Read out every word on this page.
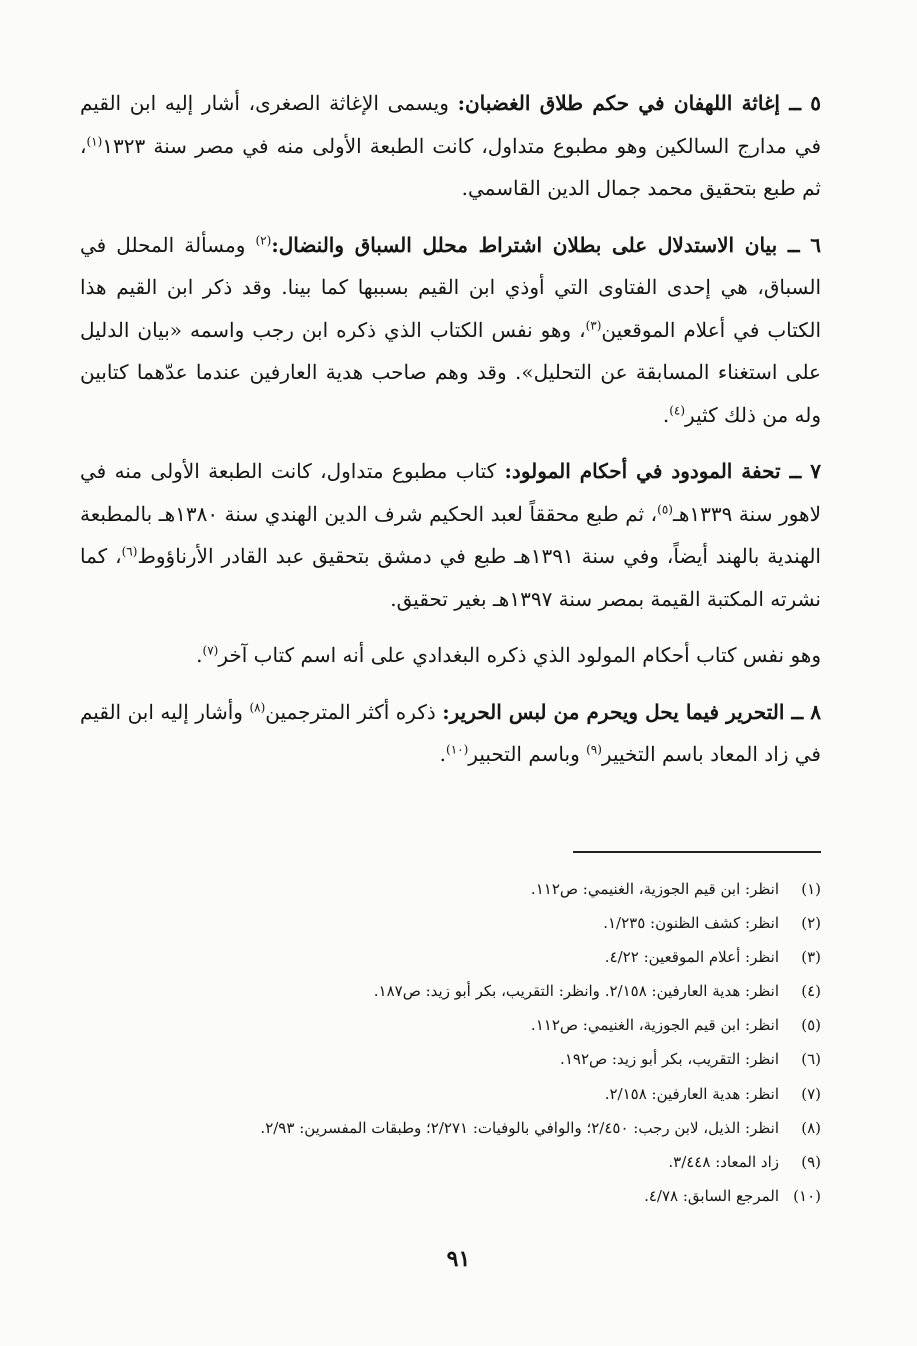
٥ ــ إغاثة اللهفان في حكم طلاق الغضبان: ويسمى الإغاثة الصغرى، أشار إليه ابن القيم في مدارج السالكين وهو مطبوع متداول، كانت الطبعة الأولى منه في مصر سنة ١٣٢٣$^{(١)}$، ثم طبع بتحقيق محمد جمال الدين القاسمي.

٦ ــ بيان الاستدلال على بطلان اشتراط محلل السباق والنضال:$^{(٢)}$ ومسألة المحلل في السباق، هي إحدى الفتاوى التي أوذي ابن القيم بسببها كما بينا. وقد ذكر ابن القيم هذا الكتاب في أعلام الموقعين$^{(٣)}$، وهو نفس الكتاب الذي ذكره ابن رجب واسمه «بيان الدليل على استغناء المسابقة عن التحليل». وقد وهم صاحب هدية العارفين عندما عدّهما كتابين وله من ذلك كثير$^{(٤)}$.

٧ ــ تحفة المودود في أحكام المولود: كتاب مطبوع متداول، كانت الطبعة الأولى منه في لاهور سنة ١٣٣٩هـ$^{(٥)}$، ثم طبع محققاً لعبد الحكيم شرف الدين الهندي سنة ١٣٨٠هـ بالمطبعة الهندية بالهند أيضاً، وفي سنة ١٣٩١هـ طبع في دمشق بتحقيق عبد القادر الأرناؤوط$^{(٦)}$، كما نشرته المكتبة القيمة بمصر سنة ١٣٩٧هـ بغير تحقيق.

وهو نفس كتاب أحكام المولود الذي ذكره البغدادي على أنه اسم كتاب آخر$^{(٧)}$.

٨ ــ التحرير فيما يحل ويحرم من لبس الحرير: ذكره أكثر المترجمين$^{(٨)}$ وأشار إليه ابن القيم في زاد المعاد باسم التخيير$^{(٩)}$ وباسم التحبير$^{(١٠)}$.

(١)
انظر: ابن قيم الجوزية، الغنيمي: ص١١٢.
(٢)
انظر: كشف الظنون: ١/٢٣٥.
(٣)
انظر: أعلام الموقعين: ٤/٢٢.
(٤)
انظر: هدية العارفين: ٢/١٥٨. وانظر: التقريب، بكر أبو زيد: ص١٨٧.
(٥)
انظر: ابن قيم الجوزية، الغنيمي: ص١١٢.
(٦)
انظر: التقريب، بكر أبو زيد: ص١٩٢.
(٧)
انظر: هدية العارفين: ٢/١٥٨.
(٨)
انظر: الذيل، لابن رجب: ٢/٤٥٠؛ والوافي بالوفيات: ٢/٢٧١؛ وطبقات المفسرين: ٢/٩٣.
(٩)
زاد المعاد: ٣/٤٤٨.
(١٠)
المرجع السابق: ٤/٧٨.
٩١
